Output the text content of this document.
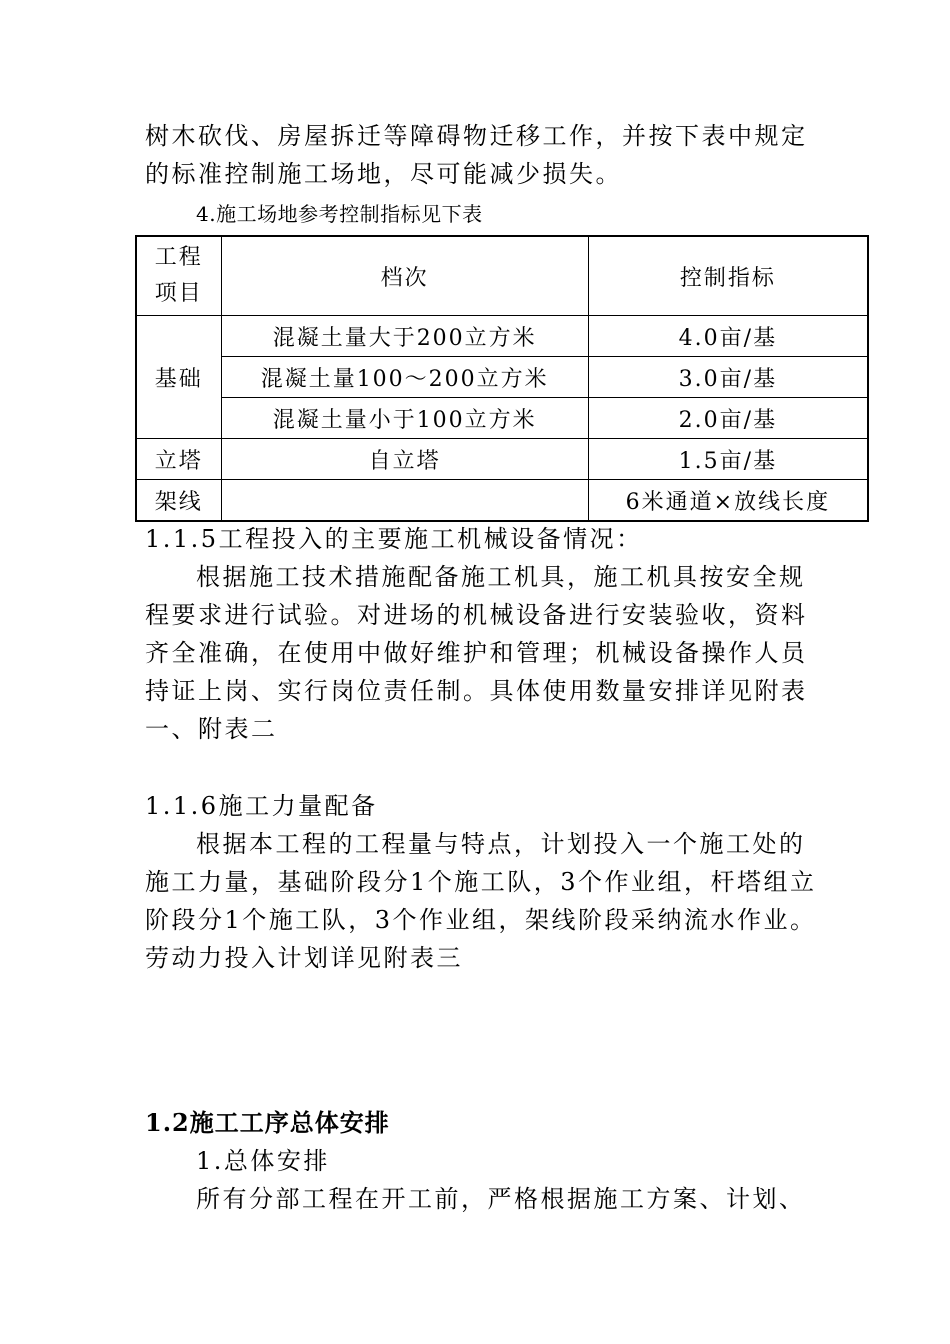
树木砍伐、房屋拆迁等障碍物迁移工作，并按下表中规定
的标准控制施工场地，尽可能减少损失。
4.施工场地参考控制指标见下表
工程
项目	档次	控制指标
基础	混凝土量大于200立方米	4.0亩/基
	混凝土量100～200立方米	3.0亩/基
	混凝土量小于100立方米	2.0亩/基
立塔	自立塔	1.5亩/基
架线		6米通道×放线长度
1.1.5工程投入的主要施工机械设备情况：
根据施工技术措施配备施工机具，施工机具按安全规
程要求进行试验。对进场的机械设备进行安装验收，资料
齐全准确，在使用中做好维护和管理；机械设备操作人员
持证上岗、实行岗位责任制。具体使用数量安排详见附表
一、附表二
1.1.6施工力量配备
根据本工程的工程量与特点，计划投入一个施工处的
施工力量，基础阶段分1个施工队，3个作业组，杆塔组立
阶段分1个施工队，3个作业组，架线阶段采纳流水作业。
劳动力投入计划详见附表三
1.2施工工序总体安排
1.总体安排
所有分部工程在开工前，严格根据施工方案、计划、
